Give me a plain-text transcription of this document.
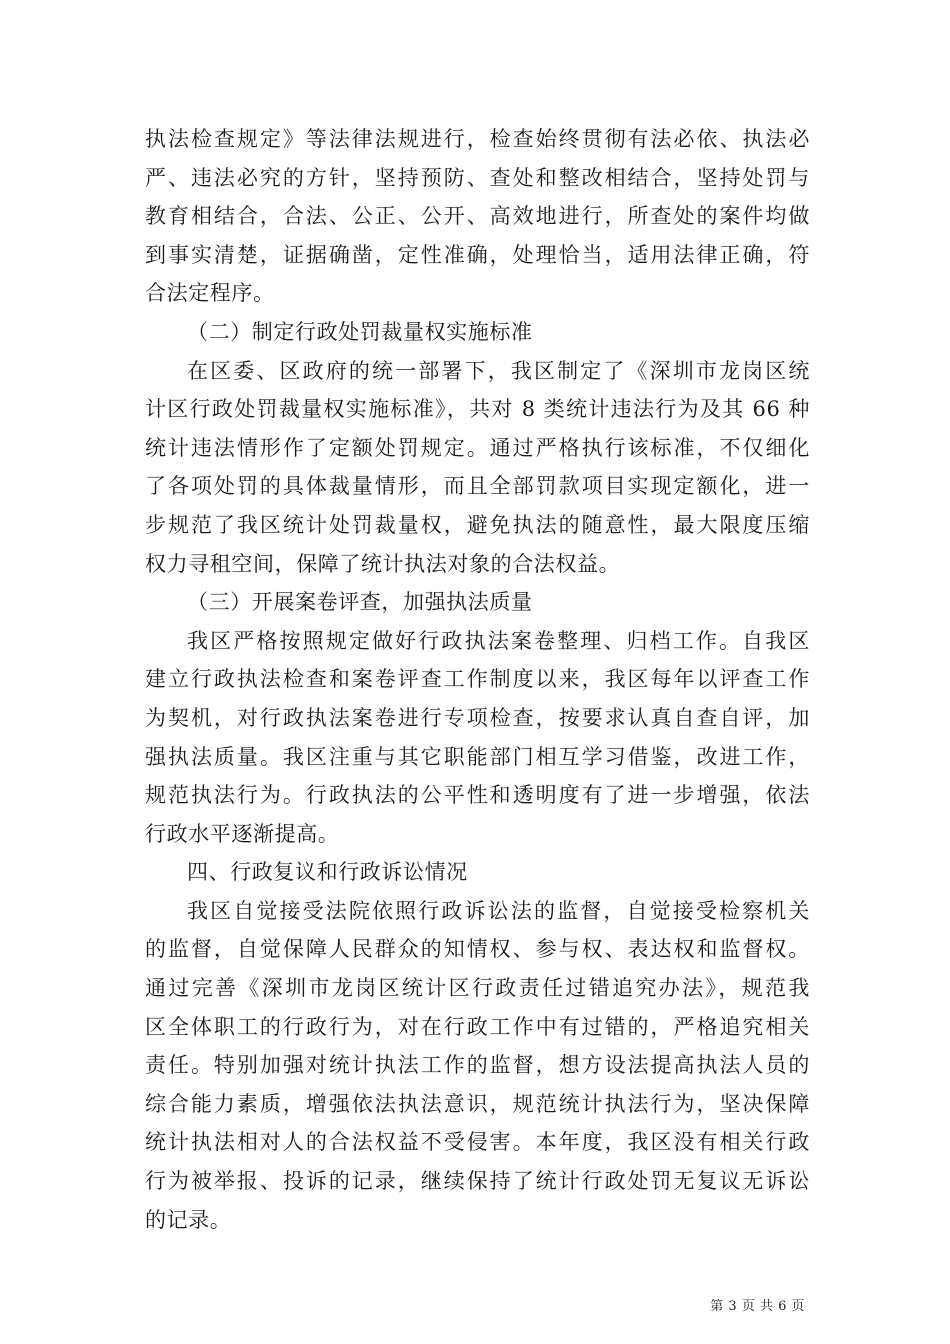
执法检查规定》等法律法规进行，检查始终贯彻有法必依、执法必
严、违法必究的方针，坚持预防、查处和整改相结合，坚持处罚与
教育相结合，合法、公正、公开、高效地进行，所查处的案件均做
到事实清楚，证据确凿，定性准确，处理恰当，适用法律正确，符
合法定程序。
（二）制定行政处罚裁量权实施标准
在区委、区政府的统一部署下，我区制定了《深圳市龙岗区统
计区行政处罚裁量权实施标准》，共对 8 类统计违法行为及其 66 种
统计违法情形作了定额处罚规定。通过严格执行该标准，不仅细化
了各项处罚的具体裁量情形，而且全部罚款项目实现定额化，进一
步规范了我区统计处罚裁量权，避免执法的随意性，最大限度压缩
权力寻租空间，保障了统计执法对象的合法权益。
（三）开展案卷评查，加强执法质量
我区严格按照规定做好行政执法案卷整理、归档工作。自我区
建立行政执法检查和案卷评查工作制度以来，我区每年以评查工作
为契机，对行政执法案卷进行专项检查，按要求认真自查自评，加
强执法质量。我区注重与其它职能部门相互学习借鉴，改进工作，
规范执法行为。行政执法的公平性和透明度有了进一步增强，依法
行政水平逐渐提高。
四、行政复议和行政诉讼情况
我区自觉接受法院依照行政诉讼法的监督，自觉接受检察机关
的监督，自觉保障人民群众的知情权、参与权、表达权和监督权。
通过完善《深圳市龙岗区统计区行政责任过错追究办法》，规范我
区全体职工的行政行为，对在行政工作中有过错的，严格追究相关
责任。特别加强对统计执法工作的监督，想方设法提高执法人员的
综合能力素质，增强依法执法意识，规范统计执法行为，坚决保障
统计执法相对人的合法权益不受侵害。本年度，我区没有相关行政
行为被举报、投诉的记录，继续保持了统计行政处罚无复议无诉讼
的记录。
第 3 页 共 6 页
